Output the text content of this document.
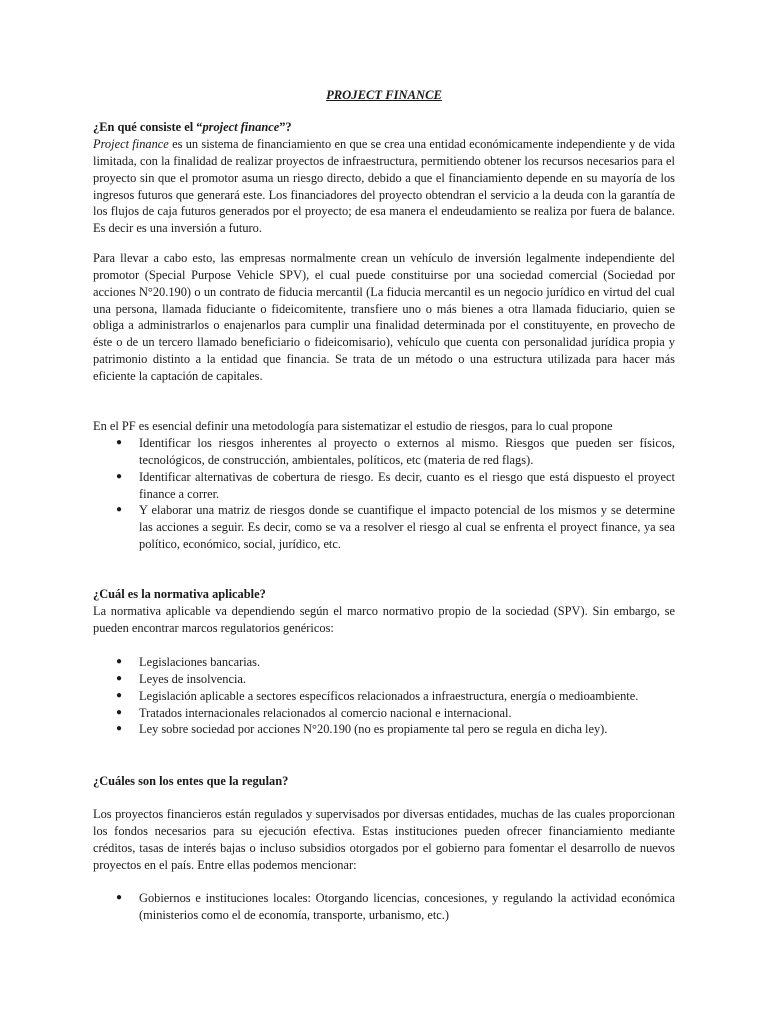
PROJECT FINANCE
¿En qué consiste el “project finance”?

Project finance es un sistema de financiamiento en que se crea una entidad económicamente independiente y de vida limitada, con la finalidad de realizar proyectos de infraestructura, permitiendo obtener los recursos necesarios para el proyecto sin que el promotor asuma un riesgo directo, debido a que el financiamiento depende en su mayoría de los ingresos futuros que generará este. Los financiadores del proyecto obtendran el servicio a la deuda con la garantía de los flujos de caja futuros generados por el proyecto; de esa manera el endeudamiento se realiza por fuera de balance. Es decir es una inversión a futuro.

Para llevar a cabo esto, las empresas normalmente crean un vehículo de inversión legalmente independiente del promotor (Special Purpose Vehicle SPV), el cual puede constituirse por una sociedad comercial (Sociedad por acciones N°20.190) o un contrato de fiducia mercantil (La fiducia mercantil es un negocio jurídico en virtud del cual una persona, llamada fiduciante o fideicomitente, transfiere uno o más bienes a otra llamada fiduciario, quien se obliga a administrarlos o enajenarlos para cumplir una finalidad determinada por el constituyente, en provecho de éste o de un tercero llamado beneficiario o fideicomisario), vehículo que cuenta con personalidad jurídica propia y patrimonio distinto a la entidad que financia. Se trata de un método o una estructura utilizada para hacer más eficiente la captación de capitales.

En el PF es esencial definir una metodología para sistematizar el estudio de riesgos, para lo cual propone

● Identificar los riesgos inherentes al proyecto o externos al mismo. Riesgos que pueden ser físicos, tecnológicos, de construcción, ambientales, políticos, etc (materia de red flags).
● Identificar alternativas de cobertura de riesgo. Es decir, cuanto es el riesgo que está dispuesto el proyect finance a correr.
● Y elaborar una matriz de riesgos donde se cuantifique el impacto potencial de los mismos y se determine las acciones a seguir. Es decir, como se va a resolver el riesgo al cual se enfrenta el proyect finance, ya sea político, económico, social, jurídico, etc.
¿Cuál es la normativa aplicable?

La normativa aplicable va dependiendo según el marco normativo propio de la sociedad (SPV). Sin embargo, se pueden encontrar marcos regulatorios genéricos:

● Legislaciones bancarias.
● Leyes de insolvencia.
● Legislación aplicable a sectores específicos relacionados a infraestructura, energía o medioambiente.
● Tratados internacionales relacionados al comercio nacional e internacional.
● Ley sobre sociedad por acciones N°20.190 (no es propiamente tal pero se regula en dicha ley).
¿Cuáles son los entes que la regulan?

Los proyectos financieros están regulados y supervisados por diversas entidades, muchas de las cuales proporcionan los fondos necesarios para su ejecución efectiva. Estas instituciones pueden ofrecer financiamiento mediante créditos, tasas de interés bajas o incluso subsidios otorgados por el gobierno para fomentar el desarrollo de nuevos proyectos en el país. Entre ellas podemos mencionar:

● Gobiernos e instituciones locales: Otorgando licencias, concesiones, y regulando la actividad económica (ministerios como el de economía, transporte, urbanismo, etc.)
